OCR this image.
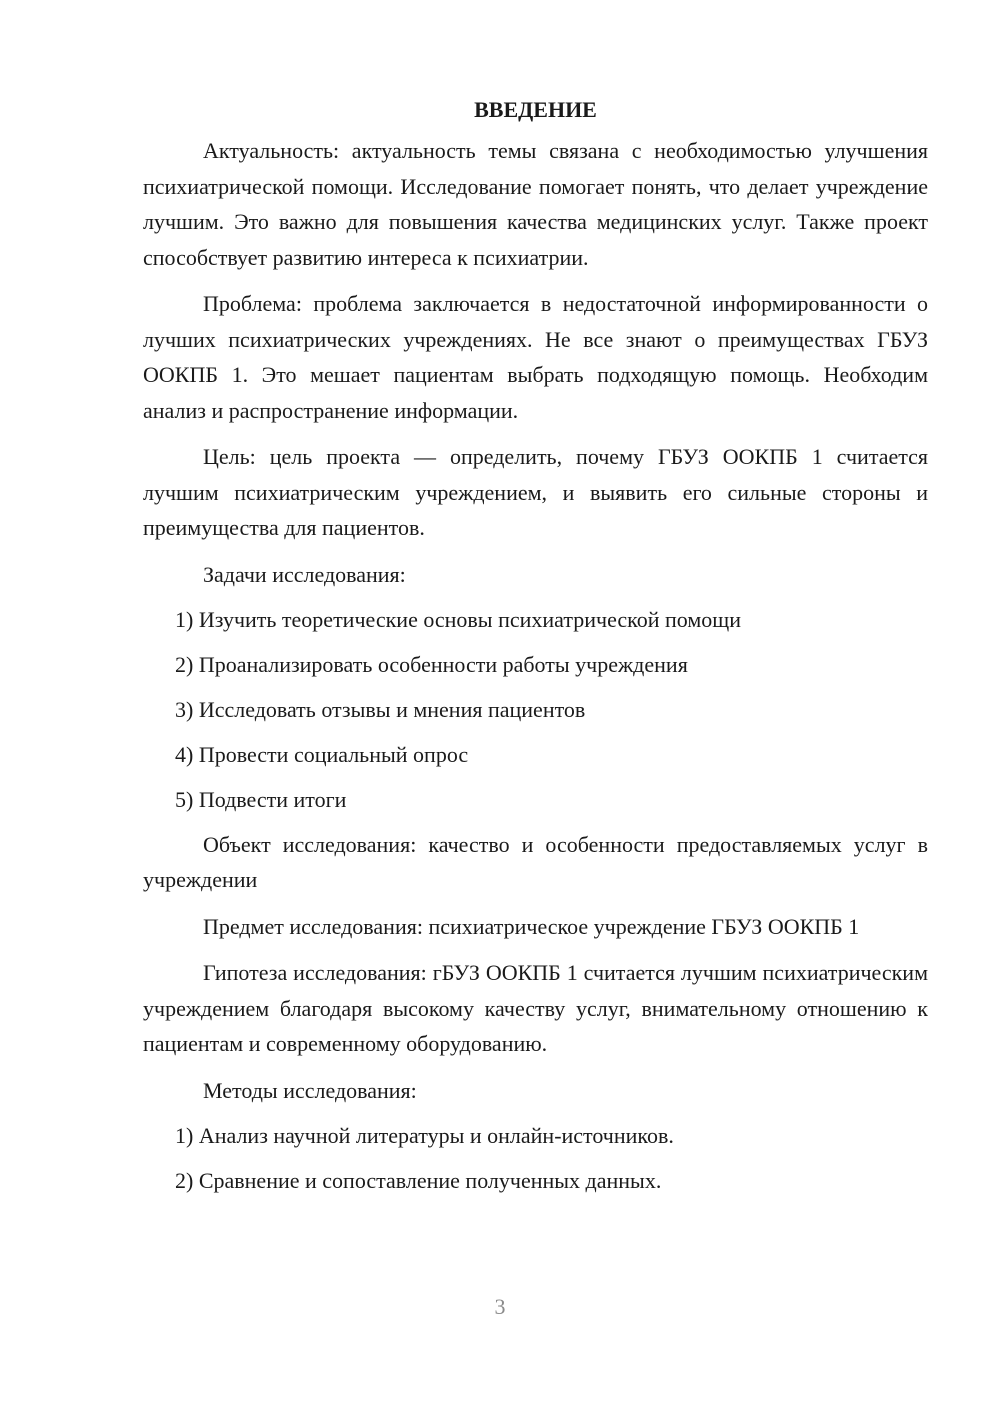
ВВЕДЕНИЕ

Актуальность: актуальность темы связана с необходимостью улучшения психиатрической помощи. Исследование помогает понять, что делает учреждение лучшим. Это важно для повышения качества медицинских услуг. Также проект способствует развитию интереса к психиатрии.

Проблема: проблема заключается в недостаточной информированности о лучших психиатрических учреждениях. Не все знают о преимуществах ГБУЗ ООКПБ 1. Это мешает пациентам выбрать подходящую помощь. Необходим анализ и распространение информации.

Цель: цель проекта — определить, почему ГБУЗ ООКПБ 1 считается лучшим психиатрическим учреждением, и выявить его сильные стороны и преимущества для пациентов.

Задачи исследования:

1) Изучить теоретические основы психиатрической помощи

2) Проанализировать особенности работы учреждения

3) Исследовать отзывы и мнения пациентов

4) Провести социальный опрос

5) Подвести итоги

Объект исследования: качество и особенности предоставляемых услуг в учреждении

Предмет исследования: психиатрическое учреждение ГБУЗ ООКПБ 1

Гипотеза исследования: гБУЗ ООКПБ 1 считается лучшим психиатрическим учреждением благодаря высокому качеству услуг, внимательному отношению к пациентам и современному оборудованию.

Методы исследования:

1) Анализ научной литературы и онлайн-источников.

2) Сравнение и сопоставление полученных данных.

3
